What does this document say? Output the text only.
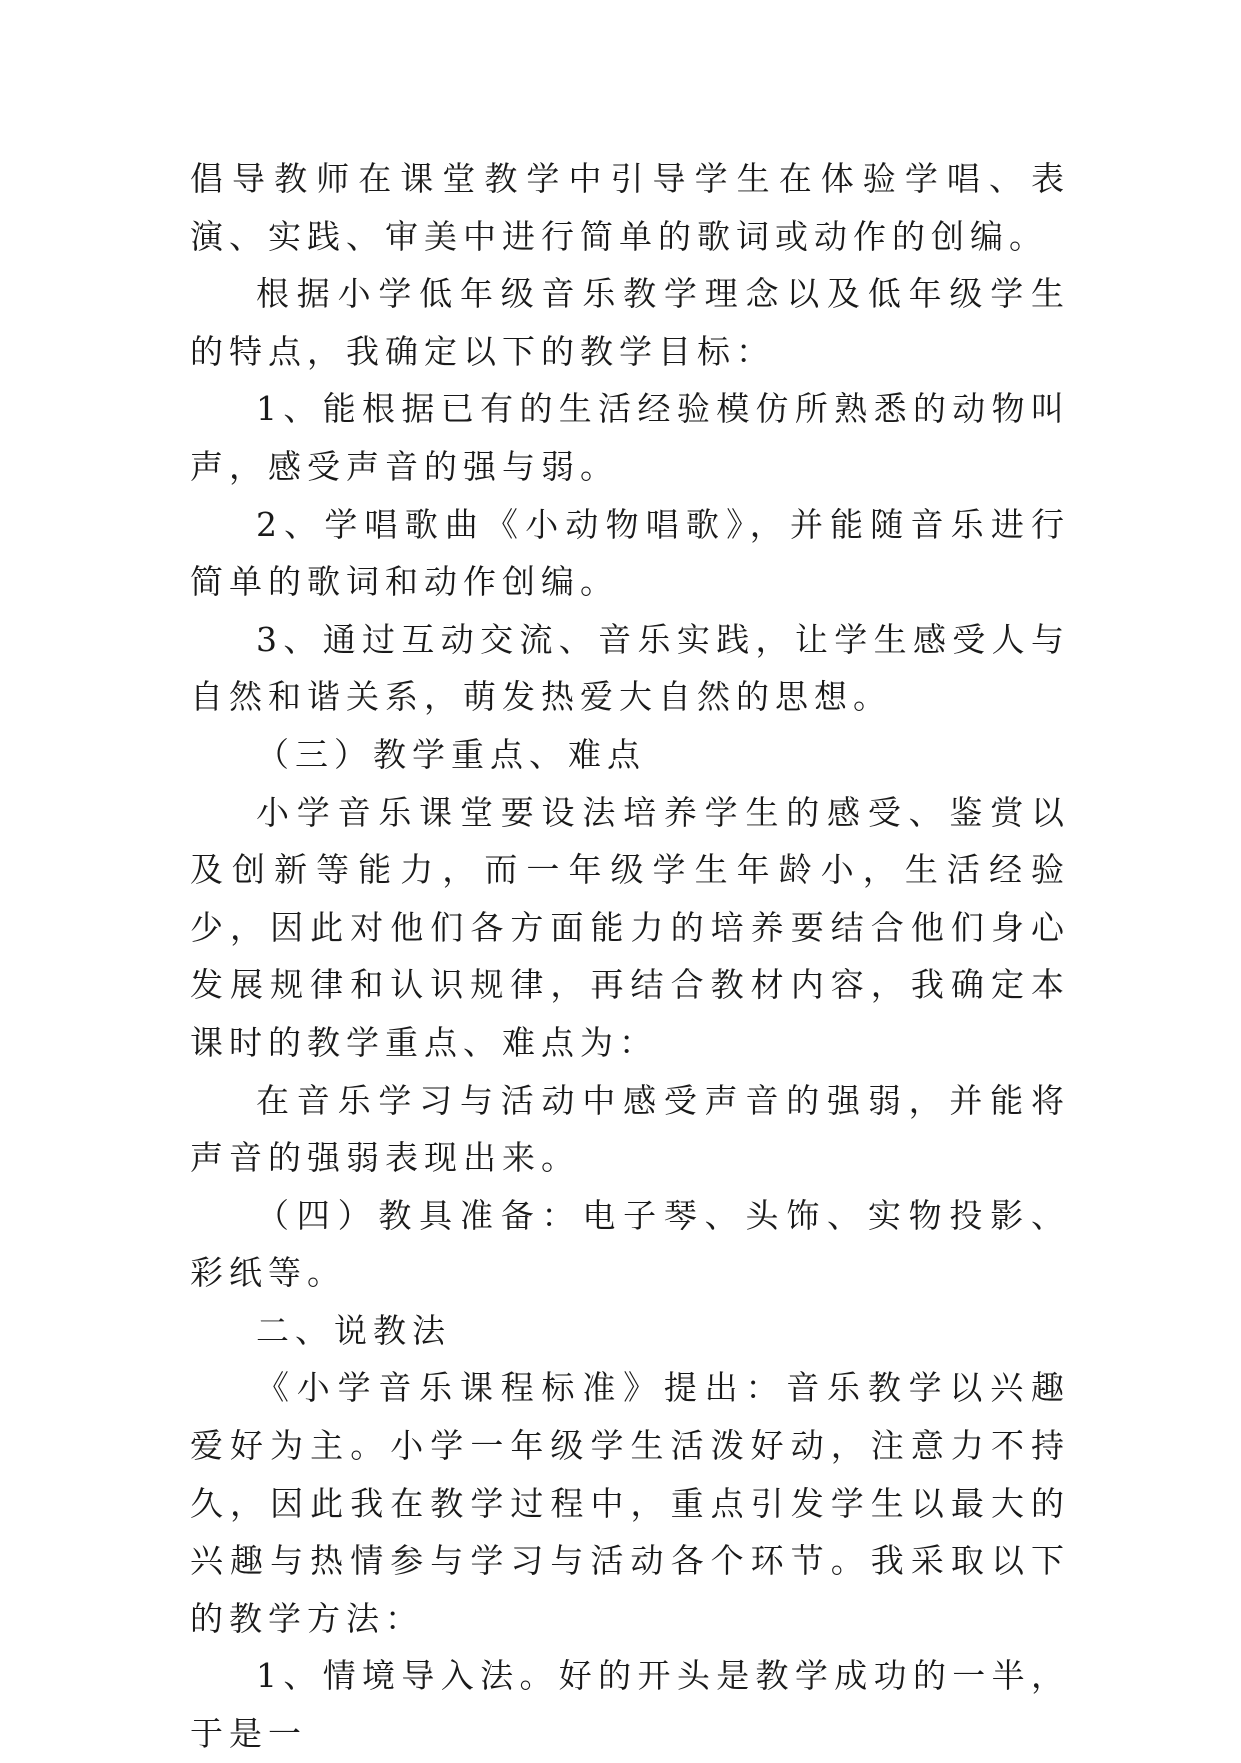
倡导教师在课堂教学中引导学生在体验学唱、表演、实践、审美中进行简单的歌词或动作的创编。

根据小学低年级音乐教学理念以及低年级学生的特点，我确定以下的教学目标：

1、能根据已有的生活经验模仿所熟悉的动物叫声，感受声音的强与弱。

2、学唱歌曲《小动物唱歌》，并能随音乐进行简单的歌词和动作创编。

3、通过互动交流、音乐实践，让学生感受人与自然和谐关系，萌发热爱大自然的思想。

（三）教学重点、难点

小学音乐课堂要设法培养学生的感受、鉴赏以及创新等能力，而一年级学生年龄小，生活经验少，因此对他们各方面能力的培养要结合他们身心发展规律和认识规律，再结合教材内容，我确定本课时的教学重点、难点为：

在音乐学习与活动中感受声音的强弱，并能将声音的强弱表现出来。

（四）教具准备：电子琴、头饰、实物投影、彩纸等。

二、说教法

《小学音乐课程标准》提出：音乐教学以兴趣爱好为主。小学一年级学生活泼好动，注意力不持久，因此我在教学过程中，重点引发学生以最大的兴趣与热情参与学习与活动各个环节。我采取以下的教学方法：

1、情境导入法。好的开头是教学成功的一半，于是一
